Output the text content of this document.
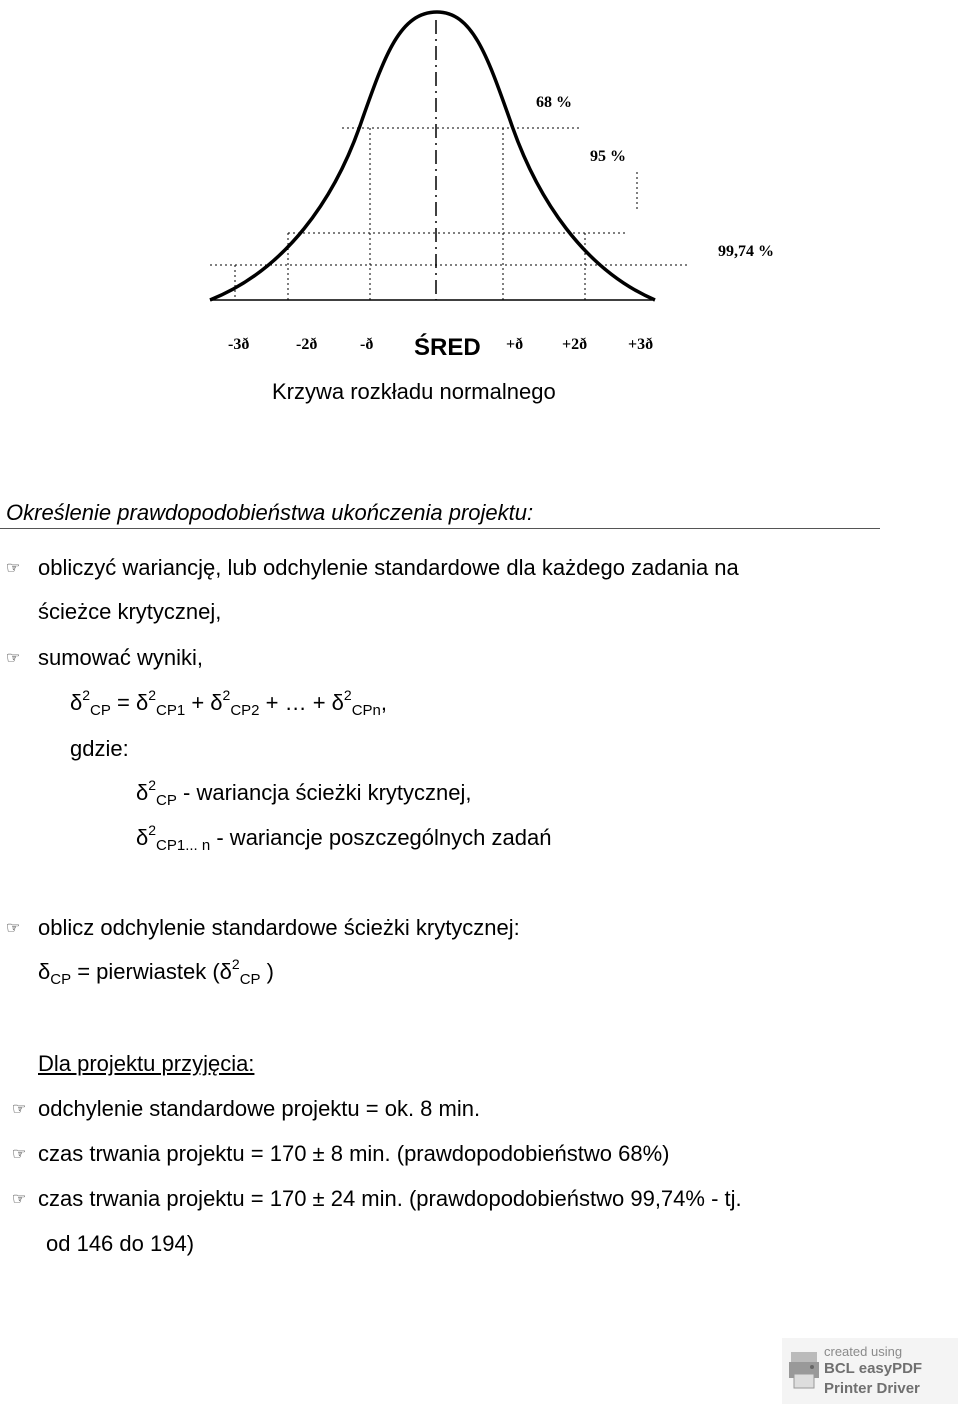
68 %
95 %
99,74 %
-3ð	-2ð	-ð ŚRED +ð +2ð	+3ð
Krzywa rozkładu normalnego
Określenie prawdopodobieństwa ukończenia projektu:
☞ obliczyć wariancję, lub odchylenie standardowe dla każdego zadania na
ścieżce krytycznej,
☞ sumować wyniki,
$\delta^2_{CP} = \delta^2_{CP1} + \delta^2_{CP2}$ + … + $\delta^2_{CPn}$,
gdzie:
$\delta^2_{CP}$ - wariancja ścieżki krytycznej,
$\delta^2_{CP1... n}$ - wariancje poszczególnych zadań
☞ oblicz odchylenie standardowe ścieżki krytycznej:
$\delta_{CP}$ = pierwiastek ($\delta^2_{CP}$ )
Dla projektu przyjęcia:
☞ odchylenie standardowe projektu = ok. 8 min.
☞ czas trwania projektu = 170 ± 8 min. (prawdopodobieństwo 68%)
☞ czas trwania projektu = 170 ± 24 min. (prawdopodobieństwo 99,74% - tj.
od 146 do 194)
created using
BCL easyPDF
Printer Driver
